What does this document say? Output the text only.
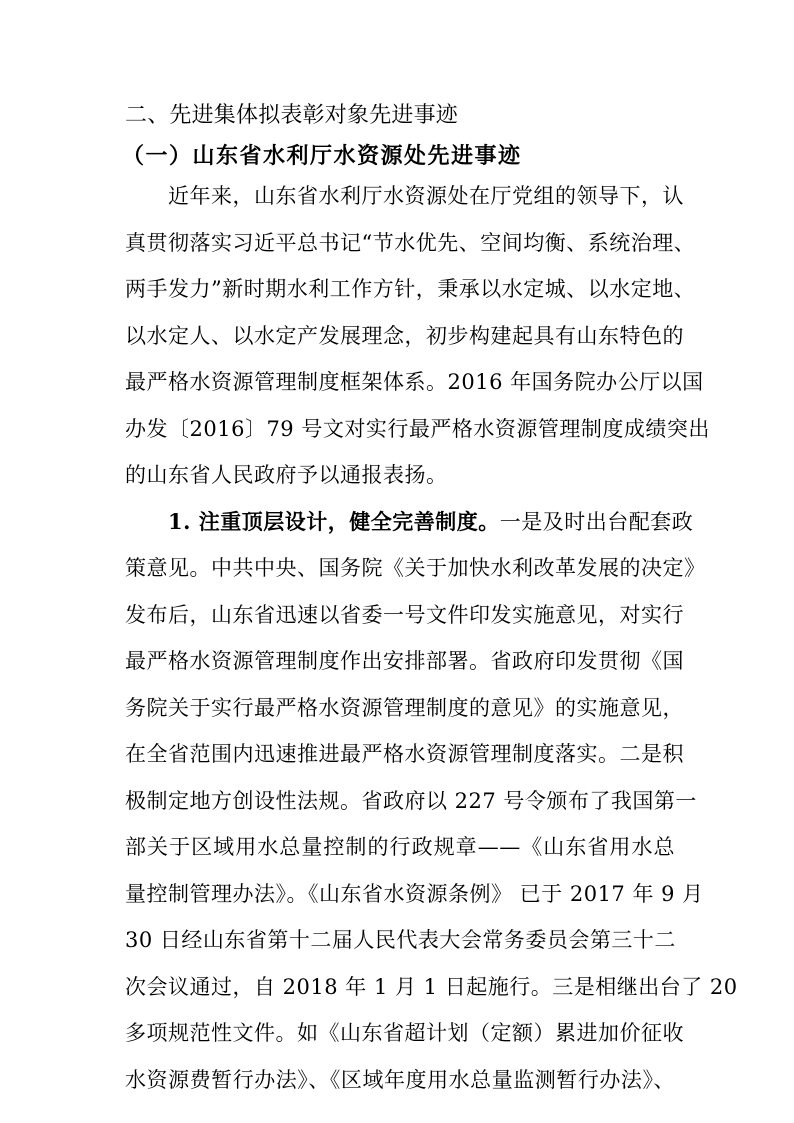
二、先进集体拟表彰对象先进事迹
（一）山东省水利厅水资源处先进事迹
近年来，山东省水利厅水资源处在厅党组的领导下，认
真贯彻落实习近平总书记“节水优先、空间均衡、系统治理、
两手发力”新时期水利工作方针，秉承以水定城、以水定地、
以水定人、以水定产发展理念，初步构建起具有山东特色的
最严格水资源管理制度框架体系。2016 年国务院办公厅以国
办发〔2016〕79 号文对实行最严格水资源管理制度成绩突出
的山东省人民政府予以通报表扬。
1. 注重顶层设计，健全完善制度。一是及时出台配套政
策意见。中共中央、国务院《关于加快水利改革发展的决定》
发布后，山东省迅速以省委一号文件印发实施意见，对实行
最严格水资源管理制度作出安排部署。省政府印发贯彻《国
务院关于实行最严格水资源管理制度的意见》的实施意见，
在全省范围内迅速推进最严格水资源管理制度落实。二是积
极制定地方创设性法规。省政府以 227 号令颁布了我国第一
部关于区域用水总量控制的行政规章——《山东省用水总
量控制管理办法》。《山东省水资源条例》 已于 2017 年 9 月
30 日经山东省第十二届人民代表大会常务委员会第三十二
次会议通过，自 2018 年 1 月 1 日起施行。三是相继出台了 20
多项规范性文件。如《山东省超计划（定额）累进加价征收
水资源费暂行办法》、《区域年度用水总量监测暂行办法》、
